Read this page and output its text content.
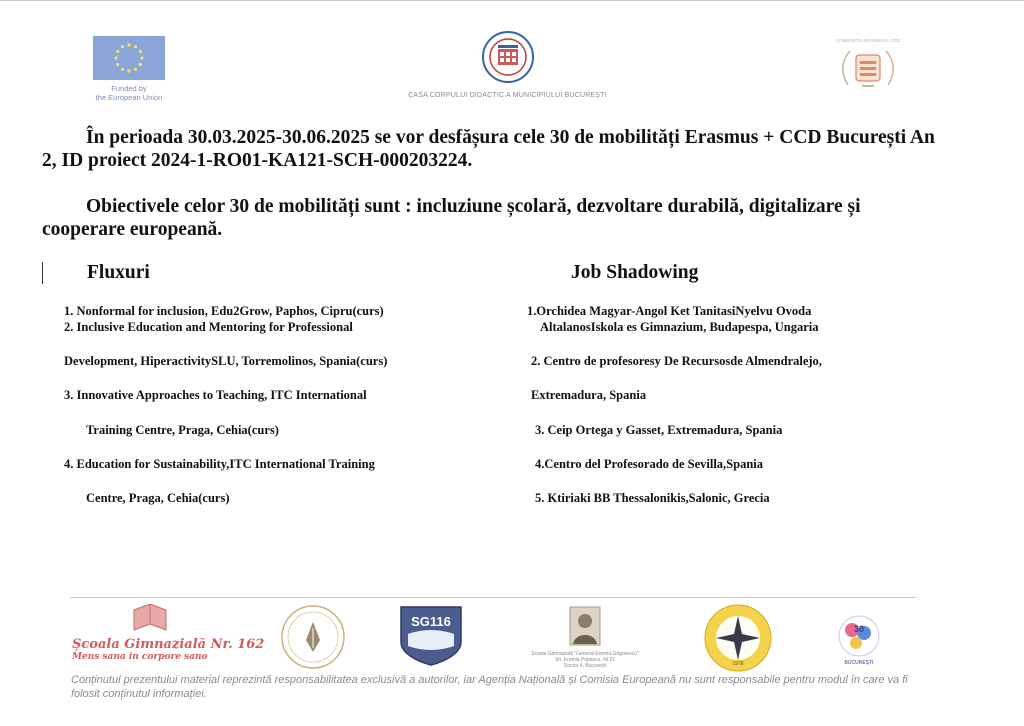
Funded by
the European Union	CASA CORPULUI DIDACTIC A MUNICIPIULUI BUCUREȘTI
CONSORTIU ERASMUS+ CCD
În perioada 30.03.2025-30.06.2025 se vor desfășura cele 30 de mobilități Erasmus + CCD București An 2, ID proiect 2024-1-RO01-KA121-SCH-000203224.
Obiectivele celor 30 de mobilități sunt : incluziune școlară, dezvoltare durabilă, digitalizare și cooperare europeană.
Fluxuri	Job Shadowing
1. Nonformal for inclusion, Edu2Grow, Paphos, Cipru(curs)
2. Inclusive Education and Mentoring for Professional
Development, HiperactivitySLU, Torremolinos, Spania(curs)
3. Innovative Approaches to Teaching, ITC International
Training Centre, Praga, Cehia(curs)
4. Education for Sustainability,ITC International Training
Centre, Praga, Cehia(curs)
1.Orchidea Magyar-Angol Ket TanitasiNyelvu Ovoda
AltalanosIskola es Gimnazium, Budapespa, Ungaria
2. Centro de profesoresy De Recursosde Almendralejo,
Extremadura, Spania
3. Ceip Ortega y Gasset, Extremadura, Spania
4.Centro del Profesorado de Sevilla,Spania
5. Ktiriaki BB Thessalonikis,Salonic, Grecia
Școala Gimnazială Nr. 162
Mens sana in corpore sano
SG116
Școala Gimnazială "General Eremia Grigorescu"
Str. Eremia Popescu, Nr.21
Sector 4, București	1978
30
BUCUREȘTI
Conținutul prezentului material reprezintă responsabilitatea exclusivă a autorilor, iar Agenția Națională și Comisia Europeană nu sunt responsabile pentru modul în care va fi folosit conținutul informației.
